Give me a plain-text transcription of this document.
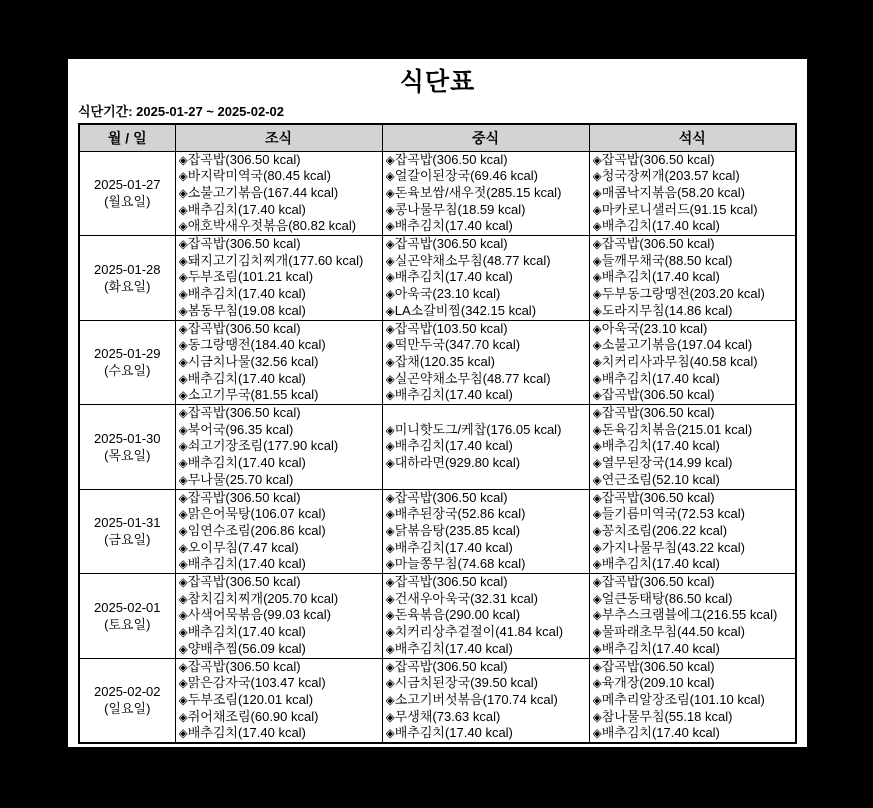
식단표
식단기간: 2025-01-27 ~ 2025-02-02
월 / 일	조식	중식	석식

2025-01-27
(월요일)

◈잡곡밥(306.50 kcal)
◈바지락미역국(80.45 kcal)
◈소불고기볶음(167.44 kcal)
◈배추김치(17.40 kcal)
◈애호박새우젓볶음(80.82 kcal)

◈잡곡밥(306.50 kcal)
◈얼갈이된장국(69.46 kcal)
◈돈육보쌈/새우젓(285.15 kcal)
◈콩나물무침(18.59 kcal)
◈배추김치(17.40 kcal)

◈잡곡밥(306.50 kcal)
◈청국장찌개(203.57 kcal)
◈매콤낙지볶음(58.20 kcal)
◈마카로니샐러드(91.15 kcal)
◈배추김치(17.40 kcal)

2025-01-28
(화요일)

◈잡곡밥(306.50 kcal)
◈돼지고기김치찌개(177.60 kcal)
◈두부조림(101.21 kcal)
◈배추김치(17.40 kcal)
◈봄동무침(19.08 kcal)

◈잡곡밥(306.50 kcal)
◈실곤약채소무침(48.77 kcal)
◈배추김치(17.40 kcal)
◈아욱국(23.10 kcal)
◈LA소갈비찜(342.15 kcal)

◈잡곡밥(306.50 kcal)
◈들깨무채국(88.50 kcal)
◈배추김치(17.40 kcal)
◈두부동그랑땡전(203.20 kcal)
◈도라지무침(14.86 kcal)

2025-01-29
(수요일)

◈잡곡밥(306.50 kcal)
◈동그랑땡전(184.40 kcal)
◈시금치나물(32.56 kcal)
◈배추김치(17.40 kcal)
◈소고기무국(81.55 kcal)

◈잡곡밥(103.50 kcal)
◈떡만두국(347.70 kcal)
◈잡채(120.35 kcal)
◈실곤약채소무침(48.77 kcal)
◈배추김치(17.40 kcal)

◈아욱국(23.10 kcal)
◈소불고기볶음(197.04 kcal)
◈치커리사과무침(40.58 kcal)
◈배추김치(17.40 kcal)
◈잡곡밥(306.50 kcal)

2025-01-30
(목요일)

◈잡곡밥(306.50 kcal)
◈북어국(96.35 kcal)
◈쇠고기장조림(177.90 kcal)
◈배추김치(17.40 kcal)
◈무나물(25.70 kcal)

◈미니핫도그/케찹(176.05 kcal)
◈배추김치(17.40 kcal)
◈대하라면(929.80 kcal)

◈잡곡밥(306.50 kcal)
◈돈육김치볶음(215.01 kcal)
◈배추김치(17.40 kcal)
◈열무된장국(14.99 kcal)
◈연근조림(52.10 kcal)

2025-01-31
(금요일)

◈잡곡밥(306.50 kcal)
◈맑은어묵탕(106.07 kcal)
◈임연수조림(206.86 kcal)
◈오이무침(7.47 kcal)
◈배추김치(17.40 kcal)

◈잡곡밥(306.50 kcal)
◈배추된장국(52.86 kcal)
◈닭볶음탕(235.85 kcal)
◈배추김치(17.40 kcal)
◈마늘쫑무침(74.68 kcal)

◈잡곡밥(306.50 kcal)
◈들기름미역국(72.53 kcal)
◈꽁치조림(206.22 kcal)
◈가지나물무침(43.22 kcal)
◈배추김치(17.40 kcal)

2025-02-01
(토요일)

◈잡곡밥(306.50 kcal)
◈참치김치찌개(205.70 kcal)
◈사색어묵볶음(99.03 kcal)
◈배추김치(17.40 kcal)
◈양배추찜(56.09 kcal)

◈잡곡밥(306.50 kcal)
◈건새우아욱국(32.31 kcal)
◈돈육볶음(290.00 kcal)
◈치커리상추겉절이(41.84 kcal)
◈배추김치(17.40 kcal)

◈잡곡밥(306.50 kcal)
◈얼큰동태탕(86.50 kcal)
◈부추스크램블에그(216.55 kcal)
◈물파래초무침(44.50 kcal)
◈배추김치(17.40 kcal)

2025-02-02
(일요일)

◈잡곡밥(306.50 kcal)
◈맑은감자국(103.47 kcal)
◈두부조림(120.01 kcal)
◈쥐어채조림(60.90 kcal)
◈배추김치(17.40 kcal)

◈잡곡밥(306.50 kcal)
◈시금치된장국(39.50 kcal)
◈소고기버섯볶음(170.74 kcal)
◈무생채(73.63 kcal)
◈배추김치(17.40 kcal)

◈잡곡밥(306.50 kcal)
◈육개장(209.10 kcal)
◈메추리알장조림(101.10 kcal)
◈참나물무침(55.18 kcal)
◈배추김치(17.40 kcal)
